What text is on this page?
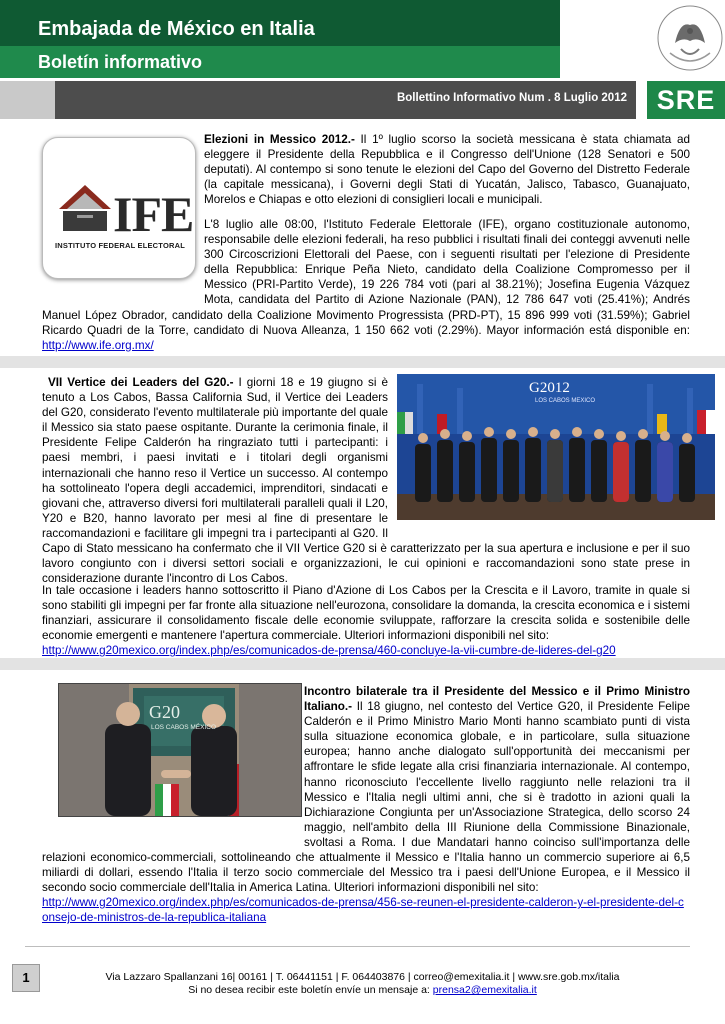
Embajada de México en Italia
Boletín informativo
Bollettino Informativo Num . 8 Luglio 2012	SRE
IFE
INSTITUTO FEDERAL ELECTORAL
Elezioni in Messico 2012.- Il 1º luglio scorso la società messicana è stata chiamata ad eleggere il Presidente della Repubblica e il Congresso dell'Unione (128 Senatori e 500 deputati). Al contempo si sono tenute le elezioni del Capo del Governo del Distretto Federale (la capitale messicana), i Governi degli Stati di Yucatán, Jalisco, Tabasco, Guanajuato, Morelos e Chiapas e otto elezioni di consiglieri locali e municipali.
L'8 luglio alle 08:00, l'Istituto Federale Elettorale (IFE), organo costituzionale autonomo, responsabile delle elezioni federali, ha reso pubblici i risultati finali dei conteggi avvenuti nelle 300 Circoscrizioni Elettorali del Paese, con i seguenti risultati per l'elezione di Presidente della Repubblica: Enrique Peña Nieto, candidato della Coalizione Compromesso per il Messico (PRI-Partito Verde), 19 226 784 voti (pari al 38.21%); Josefina Eugenia Vázquez Mota, candidata del Partito di Azione Nazionale (PAN), 12 786 647 voti (25.41%); Andrés Manuel López Obrador, candidato della Coalizione Movimento Progressista (PRD-PT), 15 896 999 voti (31.59%); Gabriel Ricardo Quadri de la Torre, candidato di Nuova Alleanza, 1 150 662 voti (2.29%). Mayor información está disponible en: http://www.ife.org.mx/
G2012
LOS CABOS MEXICO
VII Vertice dei Leaders del G20.- I giorni 18 e 19 giugno si è tenuto a Los Cabos, Bassa California Sud, il Vertice dei Leaders del G20, considerato l'evento multilaterale più importante del quale il Messico sia stato paese ospitante. Durante la cerimonia finale, il Presidente Felipe Calderón ha ringraziato tutti i partecipanti: i paesi membri, i paesi invitati e i titolari degli organismi internazionali che hanno reso il Vertice un successo. Al contempo ha sottolineato l'opera degli accademici, imprenditori, sindacati e giovani che, attraverso diversi fori multilaterali paralleli quali il L20, Y20 e B20, hanno lavorato per mesi al fine di presentare le raccomandazioni e facilitare gli impegni tra i partecipanti al G20. Il Capo di Stato messicano ha confermato che il VII Vertice G20 si è caratterizzato per la sua apertura e inclusione e per il suo lavoro congiunto con i diversi settori sociali e organizzazioni, le cui opinioni e raccomandazioni sono state prese in considerazione durante l'incontro di Los Cabos.
In tale occasione i leaders hanno sottoscritto il Piano d'Azione di Los Cabos per la Crescita e il Lavoro, tramite in quale si sono stabiliti gli impegni per far fronte alla situazione nell'eurozona, consolidare la domanda, la crescita economica e i sistemi finanziari, assicurare il consolidamento fiscale delle economie sviluppate, rafforzare la crescita solida e sostenibile delle economie emergenti e mantenere l'apertura commerciale. Ulteriori informazioni disponibili nel sito:
http://www.g20mexico.org/index.php/es/comunicados-de-prensa/460-concluye-la-vii-cumbre-de-lideres-del-g20
G20
LOS CABOS MÉXICO
Incontro bilaterale tra il Presidente del Messico e il Primo Ministro Italiano.- Il 18 giugno, nel contesto del Vertice G20, il Presidente Felipe Calderón e il Primo Ministro Mario Monti hanno scambiato punti di vista sulla situazione economica globale, e in particolare, sulla situazione europea; hanno anche dialogato sull'opportunità dei meccanismi per affrontare le sfide legate alla crisi finanziaria internazionale. Al contempo, hanno riconosciuto l'eccellente livello raggiunto nelle relazioni tra il Messico e l'Italia negli ultimi anni, che si è tradotto in azioni quali la Dichiarazione Congiunta per un'Associazione Strategica, dello scorso 24 maggio, nell'ambito della III Riunione della Commissione Binazionale, svoltasi a Roma. I due Mandatari hanno coinciso sull'importanza delle relazioni economico-commerciali, sottolineando che attualmente il Messico e l'Italia hanno un commercio superiore ai 6,5 miliardi di dollari, essendo l'Italia il terzo socio commerciale del Messico tra i paesi dell'Unione Europea, e il Messico il secondo socio commerciale dell'Italia in America Latina. Ulteriori informazioni disponibili nel sito:
http://www.g20mexico.org/index.php/es/comunicados-de-prensa/456-se-reunen-el-presidente-calderon-y-el-presidente-del-consejo-de-ministros-de-la-republica-italiana
1	Via Lazzaro Spallanzani 16| 00161 | T. 06441151 | F. 064403876 | correo@emexitalia.it | www.sre.gob.mx/italia
Si no desea recibir este boletín envíe un mensaje a: prensa2@emexitalia.it
